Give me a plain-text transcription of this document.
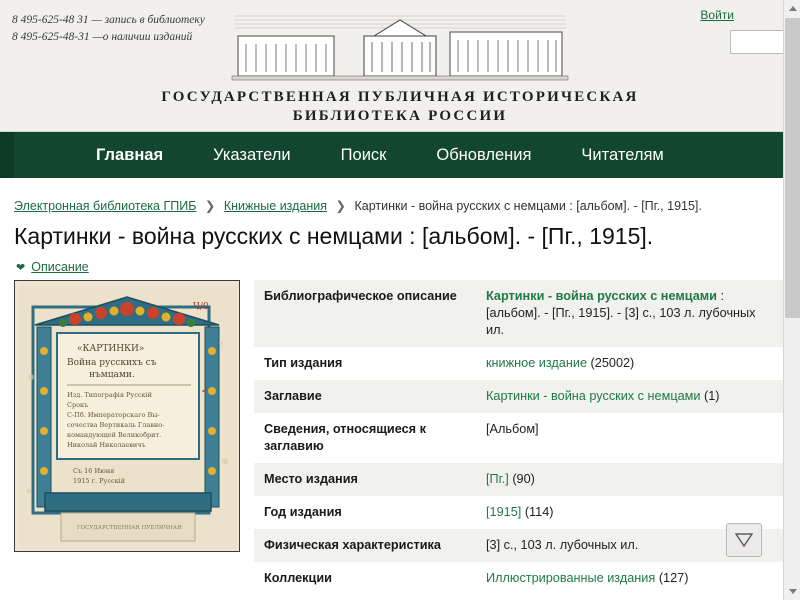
8 495-625-48 31 — запись в библиотеку
8 495-625-48-31 —о наличии изданий
Войти
ГОСУДАРСТВЕННАЯ ПУБЛИЧНАЯ ИСТОРИЧЕСКАЯ
БИБЛИОТЕКА РОССИИ
Главная	Указатели	Поиск	Обновления	Читателям
Электронная библиотека ГПИБ ❯ Книжные издания ❯ Картинки - война русских с немцами : [альбом]. - [Пг., 1915].
Картинки - война русских с немцами : [альбом]. - [Пг., 1915].
❤ Описание
«КАРТИНКИ»
Война русскихъ съ
нъмцами.
Изд. Типографiя Русскій
Срокъ
С-Пб. Императорскаго Вы-
сочества Вертикаль Главно-
командующей Великобрит.
Николай Николаевичъ
Съ 16 Июня
1915 г. Русскій
ГОСУДАРСТВЕННАЯ ПУБЛИЧНАЯ
Ч/0
✓
Библиографическое описание	Картинки - война русских с немцами : [альбом]. - [Пг., 1915]. - [3] с., 103 л. лубочных ил.
Тип издания	книжное издание (25002)
Заглавие	Картинки - война русских с немцами (1)
Сведения, относящиеся к заглавию	[Альбом]
Место издания	[Пг.] (90)
Год издания	[1915] (114)
Физическая характеристика	[3] с., 103 л. лубочных ил.
Коллекции	Иллюстрированные издания (127)
